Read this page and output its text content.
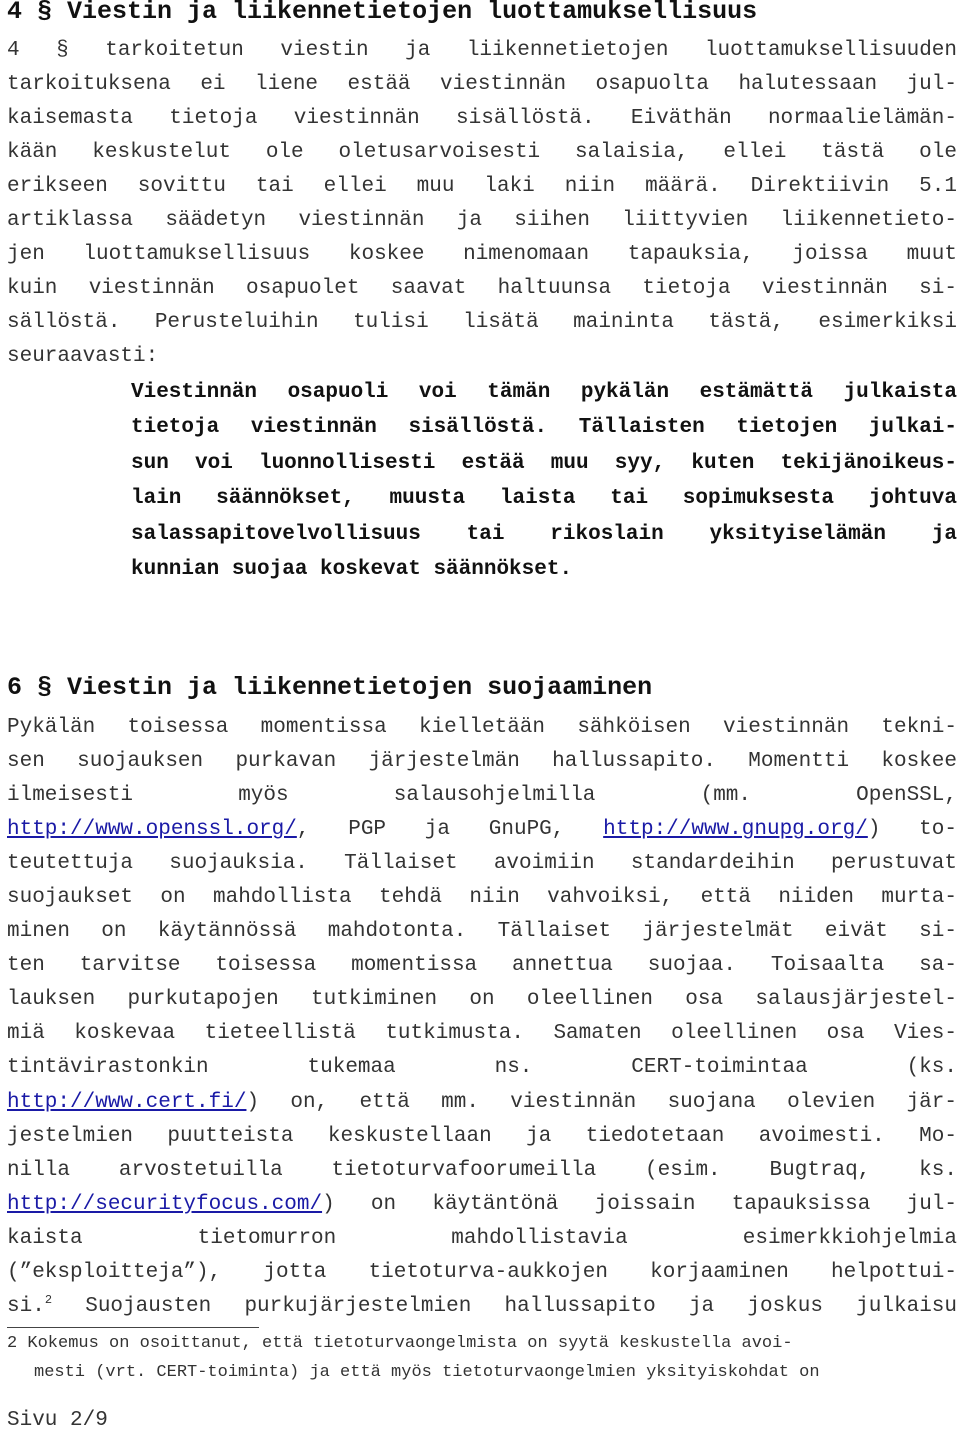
4 § Viestin ja liikennetietojen luottamuksellisuus
4 § tarkoitetun viestin ja liikennetietojen luottamuksellisuuden
tarkoituksena ei liene estää viestinnän osapuolta halutessaan jul-
kaisemasta tietoja viestinnän sisällöstä. Eiväthän normaalielämän-
kään keskustelut ole oletusarvoisesti salaisia, ellei tästä ole
erikseen sovittu tai ellei muu laki niin määrä. Direktiivin 5.1
artiklassa säädetyn viestinnän ja siihen liittyvien liikennetieto-
jen luottamuksellisuus koskee nimenomaan tapauksia, joissa muut
kuin viestinnän osapuolet saavat haltuunsa tietoja viestinnän si-
sällöstä. Perusteluihin tulisi lisätä maininta tästä, esimerkiksi
seuraavasti:
Viestinnän osapuoli voi tämän pykälän estämättä julkaista
tietoja viestinnän sisällöstä. Tällaisten tietojen julkai-
sun voi luonnollisesti estää muu syy, kuten tekijänoikeus-
lain säännökset, muusta laista tai sopimuksesta johtuva
salassapitovelvollisuus tai rikoslain yksityiselämän ja
kunnian suojaa koskevat säännökset.
6 § Viestin ja liikennetietojen suojaaminen
Pykälän toisessa momentissa kielletään sähköisen viestinnän tekni-
sen suojauksen purkavan järjestelmän hallussapito. Momentti koskee
ilmeisesti myös salausohjelmilla (mm. OpenSSL,
http://www.openssl.org/, PGP ja GnuPG, http://www.gnupg.org/) to-
teutettuja suojauksia. Tällaiset avoimiin standardeihin perustuvat
suojaukset on mahdollista tehdä niin vahvoiksi, että niiden murta-
minen on käytännössä mahdotonta. Tällaiset järjestelmät eivät si-
ten tarvitse toisessa momentissa annettua suojaa. Toisaalta sa-
lauksen purkutapojen tutkiminen on oleellinen osa salausjärjestel-
miä koskevaa tieteellistä tutkimusta. Samaten oleellinen osa Vies-
tintävirastonkin tukemaa ns. CERT-toimintaa (ks.
http://www.cert.fi/) on, että mm. viestinnän suojana olevien jär-
jestelmien puutteista keskustellaan ja tiedotetaan avoimesti. Mo-
nilla arvostetuilla tietoturvafoorumeilla (esim. Bugtraq, ks.
http://securityfocus.com/) on käytäntönä joissain tapauksissa jul-
kaista tietomurron mahdollistavia esimerkkiohjelmia
(”eksploitteja”), jotta tietoturva-aukkojen korjaaminen helpottui-
si.$^2$ Suojausten purkujärjestelmien hallussapito ja joskus julkaisu
2 Kokemus on osoittanut, että tietoturvaongelmista on syytä keskustella avoi-
mesti (vrt. CERT-toiminta) ja että myös tietoturvaongelmien yksityiskohdat on
Sivu 2/9
